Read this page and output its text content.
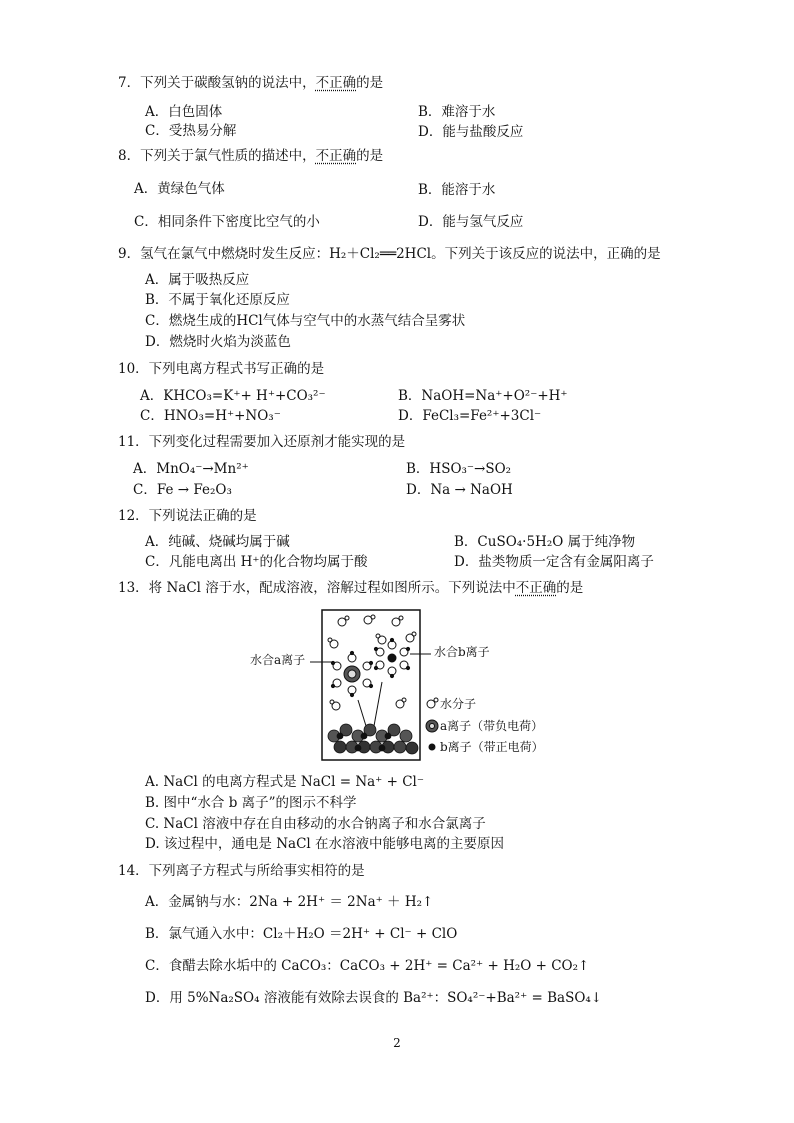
7．下列关于碳酸氢钠的说法中，不正确的是
A．白色固体	B．难溶于水
C．受热易分解	D．能与盐酸反应
8．下列关于氯气性质的描述中，不正确的是
A．黄绿色气体	B．能溶于水
C．相同条件下密度比空气的小	D．能与氢气反应
9．氢气在氯气中燃烧时发生反应：H₂＋Cl₂══2HCl。下列关于该反应的说法中，正确的是
A．属于吸热反应
B．不属于氧化还原反应
C．燃烧生成的HCl气体与空气中的水蒸气结合呈雾状
D．燃烧时火焰为淡蓝色
10．下列电离方程式书写正确的是
A．KHCO₃=K⁺+ H⁺+CO₃²⁻	B．NaOH=Na⁺+O²⁻+H⁺
C．HNO₃=H⁺+NO₃⁻	D．FeCl₃=Fe²⁺+3Cl⁻
11．下列变化过程需要加入还原剂才能实现的是
A．MnO₄⁻→Mn²⁺	B．HSO₃⁻→SO₂
C．Fe → Fe₂O₃	D．Na → NaOH
12．下列说法正确的是
A．纯碱、烧碱均属于碱	B．CuSO₄·5H₂O 属于纯净物
C．凡能电离出 H⁺的化合物均属于酸	D．盐类物质一定含有金属阳离子
13．将 NaCl 溶于水，配成溶液，溶解过程如图所示。下列说法中不正确的是
水合a离子
水合b离子
水分子
a离子（带负电荷）
b离子（带正电荷）
A. NaCl 的电离方程式是 NaCl = Na⁺ + Cl⁻
B. 图中“水合 b 离子”的图示不科学
C. NaCl 溶液中存在自由移动的水合钠离子和水合氯离子
D. 该过程中，通电是 NaCl 在水溶液中能够电离的主要原因
14．下列离子方程式与所给事实相符的是
A．金属钠与水：2Na + 2H⁺ ＝ 2Na⁺ ＋ H₂↑
B．氯气通入水中：Cl₂＋H₂O ＝2H⁺ + Cl⁻ + ClO
C．食醋去除水垢中的 CaCO₃：CaCO₃ + 2H⁺ = Ca²⁺ + H₂O + CO₂↑
D．用 5%Na₂SO₄ 溶液能有效除去误食的 Ba²⁺：SO₄²⁻+Ba²⁺ = BaSO₄↓
2
